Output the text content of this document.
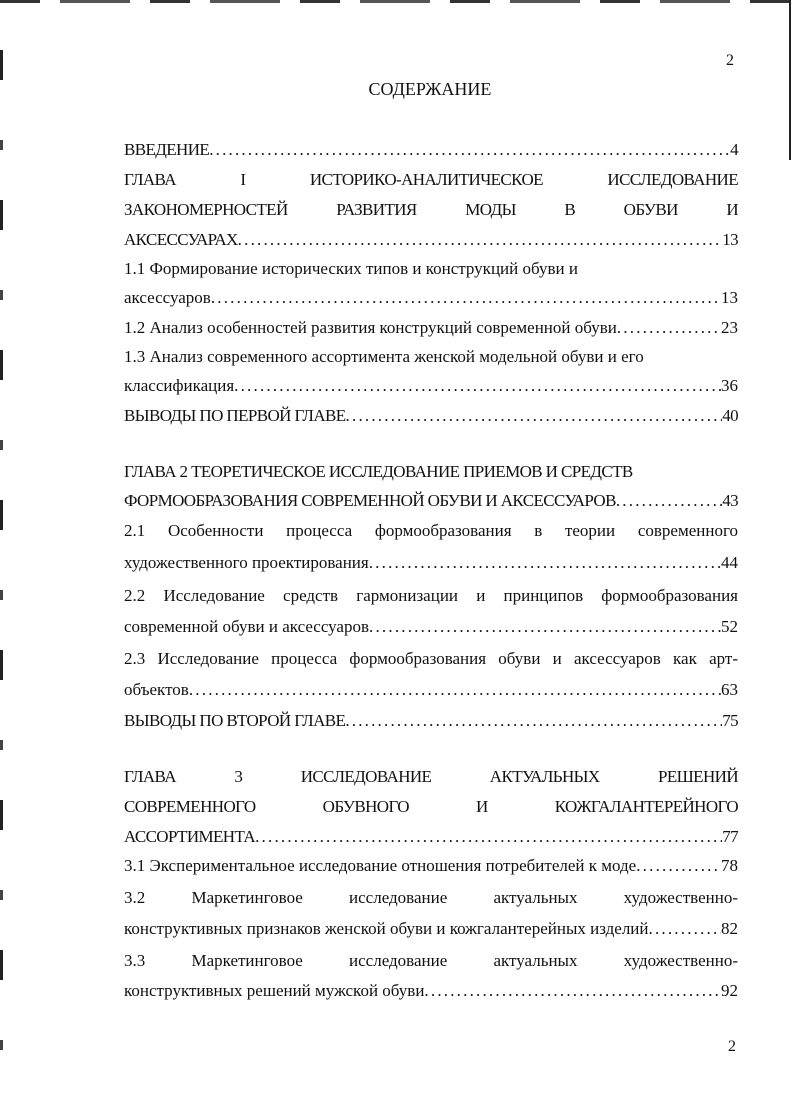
2
СОДЕРЖАНИЕ
ВВЕДЕНИЕ .....	4
ГЛАВА I ИСТОРИКО-АНАЛИТИЧЕСКОЕ ИССЛЕДОВАНИЕ
ЗАКОНОМЕРНОСТЕЙ РАЗВИТИЯ МОДЫ В ОБУВИ И
АКСЕССУАРАХ .....	13
1.1 Формирование исторических типов и конструкций обуви и
аксессуаров .....	13
1.2 Анализ особенностей развития конструкций современной обуви .....	23
1.3 Анализ современного ассортимента женской модельной обуви и его
классификация .....	36
ВЫВОДЫ ПО ПЕРВОЙ ГЛАВЕ .....	40
ГЛАВА 2 ТЕОРЕТИЧЕСКОЕ ИССЛЕДОВАНИЕ ПРИЕМОВ И СРЕДСТВ
ФОРМООБРАЗОВАНИЯ СОВРЕМЕННОЙ ОБУВИ И АКСЕССУАРОВ .....	43
2.1 Особенности процесса формообразования в теории современного
художественного проектирования .....	44
2.2 Исследование средств гармонизации и принципов формообразования
современной обуви и аксессуаров .....	52
2.3 Исследование процесса формообразования обуви и аксессуаров как арт-
объектов .....	63
ВЫВОДЫ ПО ВТОРОЙ ГЛАВЕ .....	75
ГЛАВА 3 ИССЛЕДОВАНИЕ АКТУАЛЬНЫХ РЕШЕНИЙ
СОВРЕМЕННОГО ОБУВНОГО И КОЖГАЛАНТЕРЕЙНОГО
АССОРТИМЕНТА .....	77
3.1 Экспериментальное исследование отношения потребителей к моде .....	78
3.2 Маркетинговое исследование актуальных художественно-
конструктивных признаков женской обуви и кожгалантерейных изделий .....	82
3.3 Маркетинговое исследование актуальных художественно-
конструктивных решений мужской обуви .....	92
2
